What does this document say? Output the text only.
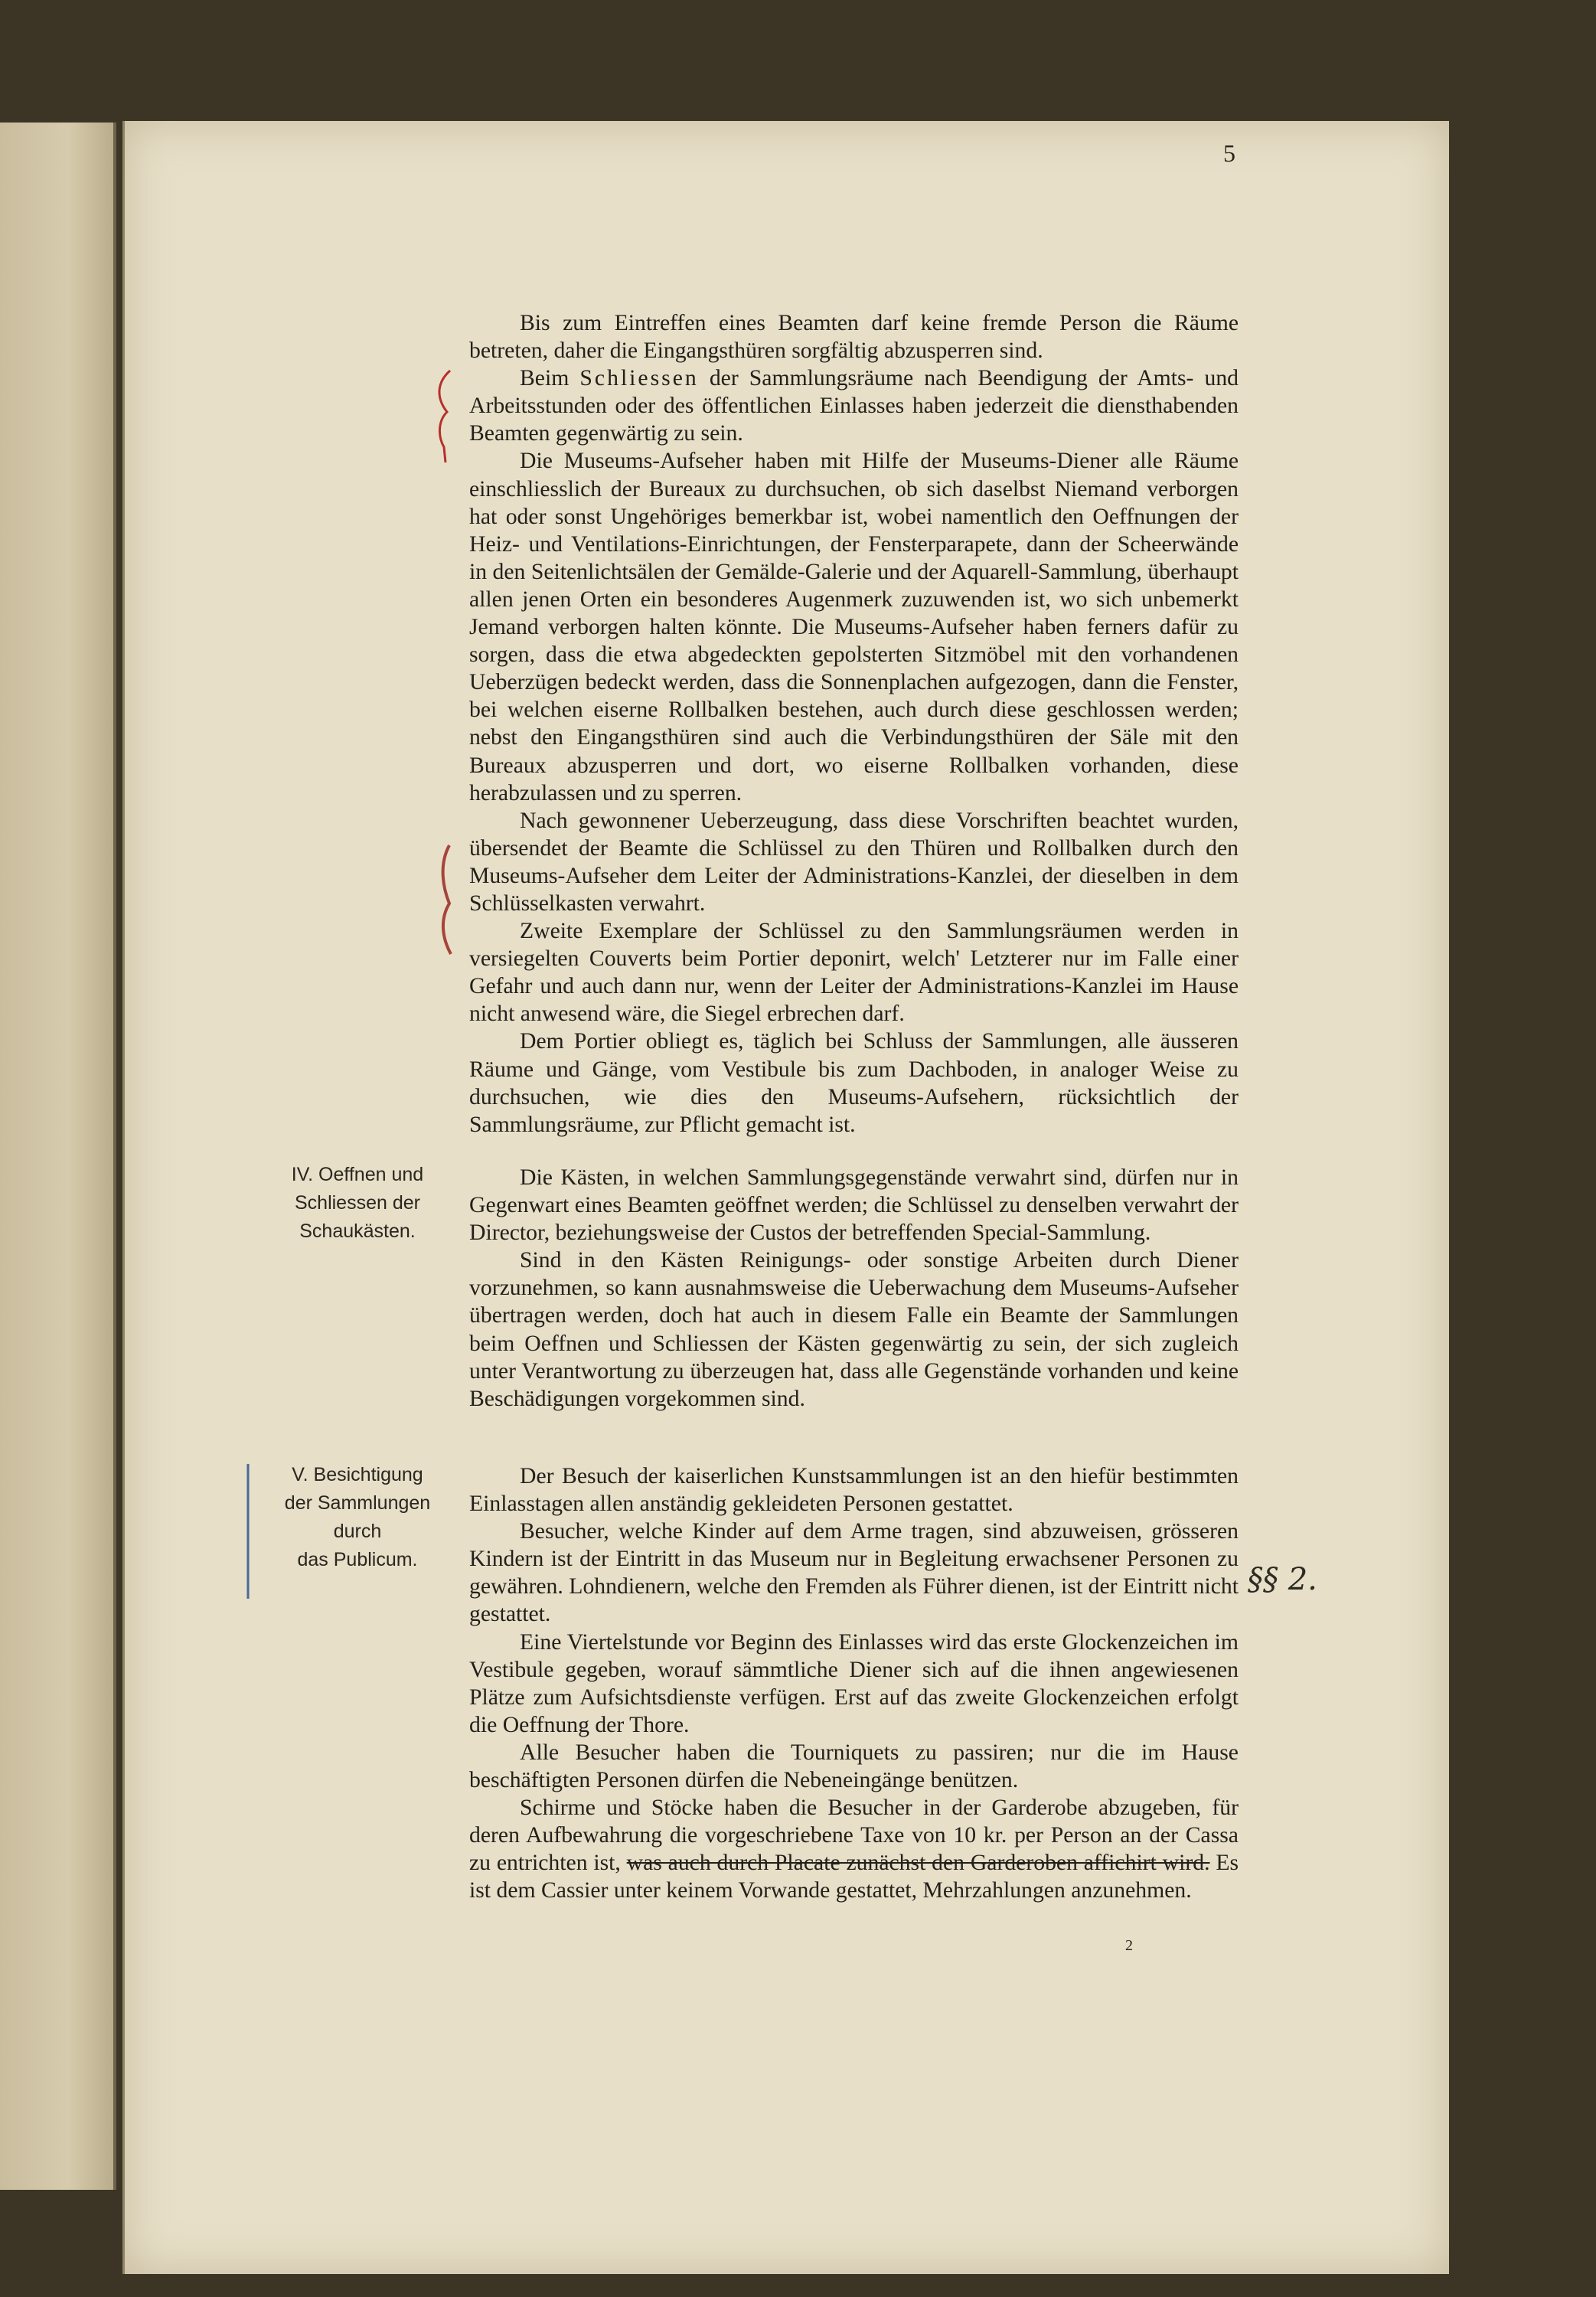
5

Bis zum Eintreffen eines Beamten darf keine fremde Person die Räume betreten, daher die Eingangsthüren sorgfältig abzusperren sind.

Beim Schliessen der Sammlungsräume nach Beendigung der Amts- und Arbeitsstunden oder des öffentlichen Einlasses haben jederzeit die diensthabenden Beamten gegenwärtig zu sein.

Die Museums-Aufseher haben mit Hilfe der Museums-Diener alle Räume einschliesslich der Bureaux zu durchsuchen, ob sich daselbst Niemand verborgen hat oder sonst Ungehöriges bemerkbar ist, wobei namentlich den Oeffnungen der Heiz- und Ventilations-Einrichtungen, der Fensterparapete, dann der Scheerwände in den Seitenlichtsälen der Gemälde-Galerie und der Aquarell-Sammlung, überhaupt allen jenen Orten ein besonderes Augenmerk zuzuwenden ist, wo sich unbemerkt Jemand verborgen halten könnte. Die Museums-Aufseher haben ferners dafür zu sorgen, dass die etwa abgedeckten gepolsterten Sitzmöbel mit den vorhandenen Ueberzügen bedeckt werden, dass die Sonnenplachen aufgezogen, dann die Fenster, bei welchen eiserne Rollbalken bestehen, auch durch diese geschlossen werden; nebst den Eingangsthüren sind auch die Verbindungsthüren der Säle mit den Bureaux abzusperren und dort, wo eiserne Rollbalken vorhanden, diese herabzulassen und zu sperren.

Nach gewonnener Ueberzeugung, dass diese Vorschriften beachtet wurden, übersendet der Beamte die Schlüssel zu den Thüren und Rollbalken durch den Museums-Aufseher dem Leiter der Administrations-Kanzlei, der dieselben in dem Schlüsselkasten verwahrt.

Zweite Exemplare der Schlüssel zu den Sammlungsräumen werden in versiegelten Couverts beim Portier deponirt, welch' Letzterer nur im Falle einer Gefahr und auch dann nur, wenn der Leiter der Administrations-Kanzlei im Hause nicht anwesend wäre, die Siegel erbrechen darf.

Dem Portier obliegt es, täglich bei Schluss der Sammlungen, alle äusseren Räume und Gänge, vom Vestibule bis zum Dachboden, in analoger Weise zu durchsuchen, wie dies den Museums-Aufsehern, rücksichtlich der Sammlungsräume, zur Pflicht gemacht ist.

IV. Oeffnen und
Schliessen der
Schaukästen.

Die Kästen, in welchen Sammlungsgegenstände verwahrt sind, dürfen nur in Gegenwart eines Beamten geöffnet werden; die Schlüssel zu denselben verwahrt der Director, beziehungsweise der Custos der betreffenden Special-Sammlung.

Sind in den Kästen Reinigungs- oder sonstige Arbeiten durch Diener vorzunehmen, so kann ausnahmsweise die Ueberwachung dem Museums-Aufseher übertragen werden, doch hat auch in diesem Falle ein Beamte der Sammlungen beim Oeffnen und Schliessen der Kästen gegenwärtig zu sein, der sich zugleich unter Verantwortung zu überzeugen hat, dass alle Gegenstände vorhanden und keine Beschädigungen vorgekommen sind.

V. Besichtigung
der Sammlungen
durch
das Publicum.

Der Besuch der kaiserlichen Kunstsammlungen ist an den hiefür bestimmten Einlasstagen allen anständig gekleideten Personen gestattet.

Besucher, welche Kinder auf dem Arme tragen, sind abzuweisen, grösseren Kindern ist der Eintritt in das Museum nur in Begleitung erwachsener Personen zu gewähren. Lohndienern, welche den Fremden als Führer dienen, ist der Eintritt nicht gestattet.

Eine Viertelstunde vor Beginn des Einlasses wird das erste Glockenzeichen im Vestibule gegeben, worauf sämmtliche Diener sich auf die ihnen angewiesenen Plätze zum Aufsichtsdienste verfügen. Erst auf das zweite Glockenzeichen erfolgt die Oeffnung der Thore.

Alle Besucher haben die Tourniquets zu passiren; nur die im Hause beschäftigten Personen dürfen die Nebeneingänge benützen.

Schirme und Stöcke haben die Besucher in der Garderobe abzugeben, für deren Aufbewahrung die vorgeschriebene Taxe von 10 kr. per Person an der Cassa zu entrichten ist, was auch durch Placate zunächst den Garderoben affichirt wird. Es ist dem Cassier unter keinem Vorwande gestattet, Mehrzahlungen anzunehmen.

§§ 2.

2
